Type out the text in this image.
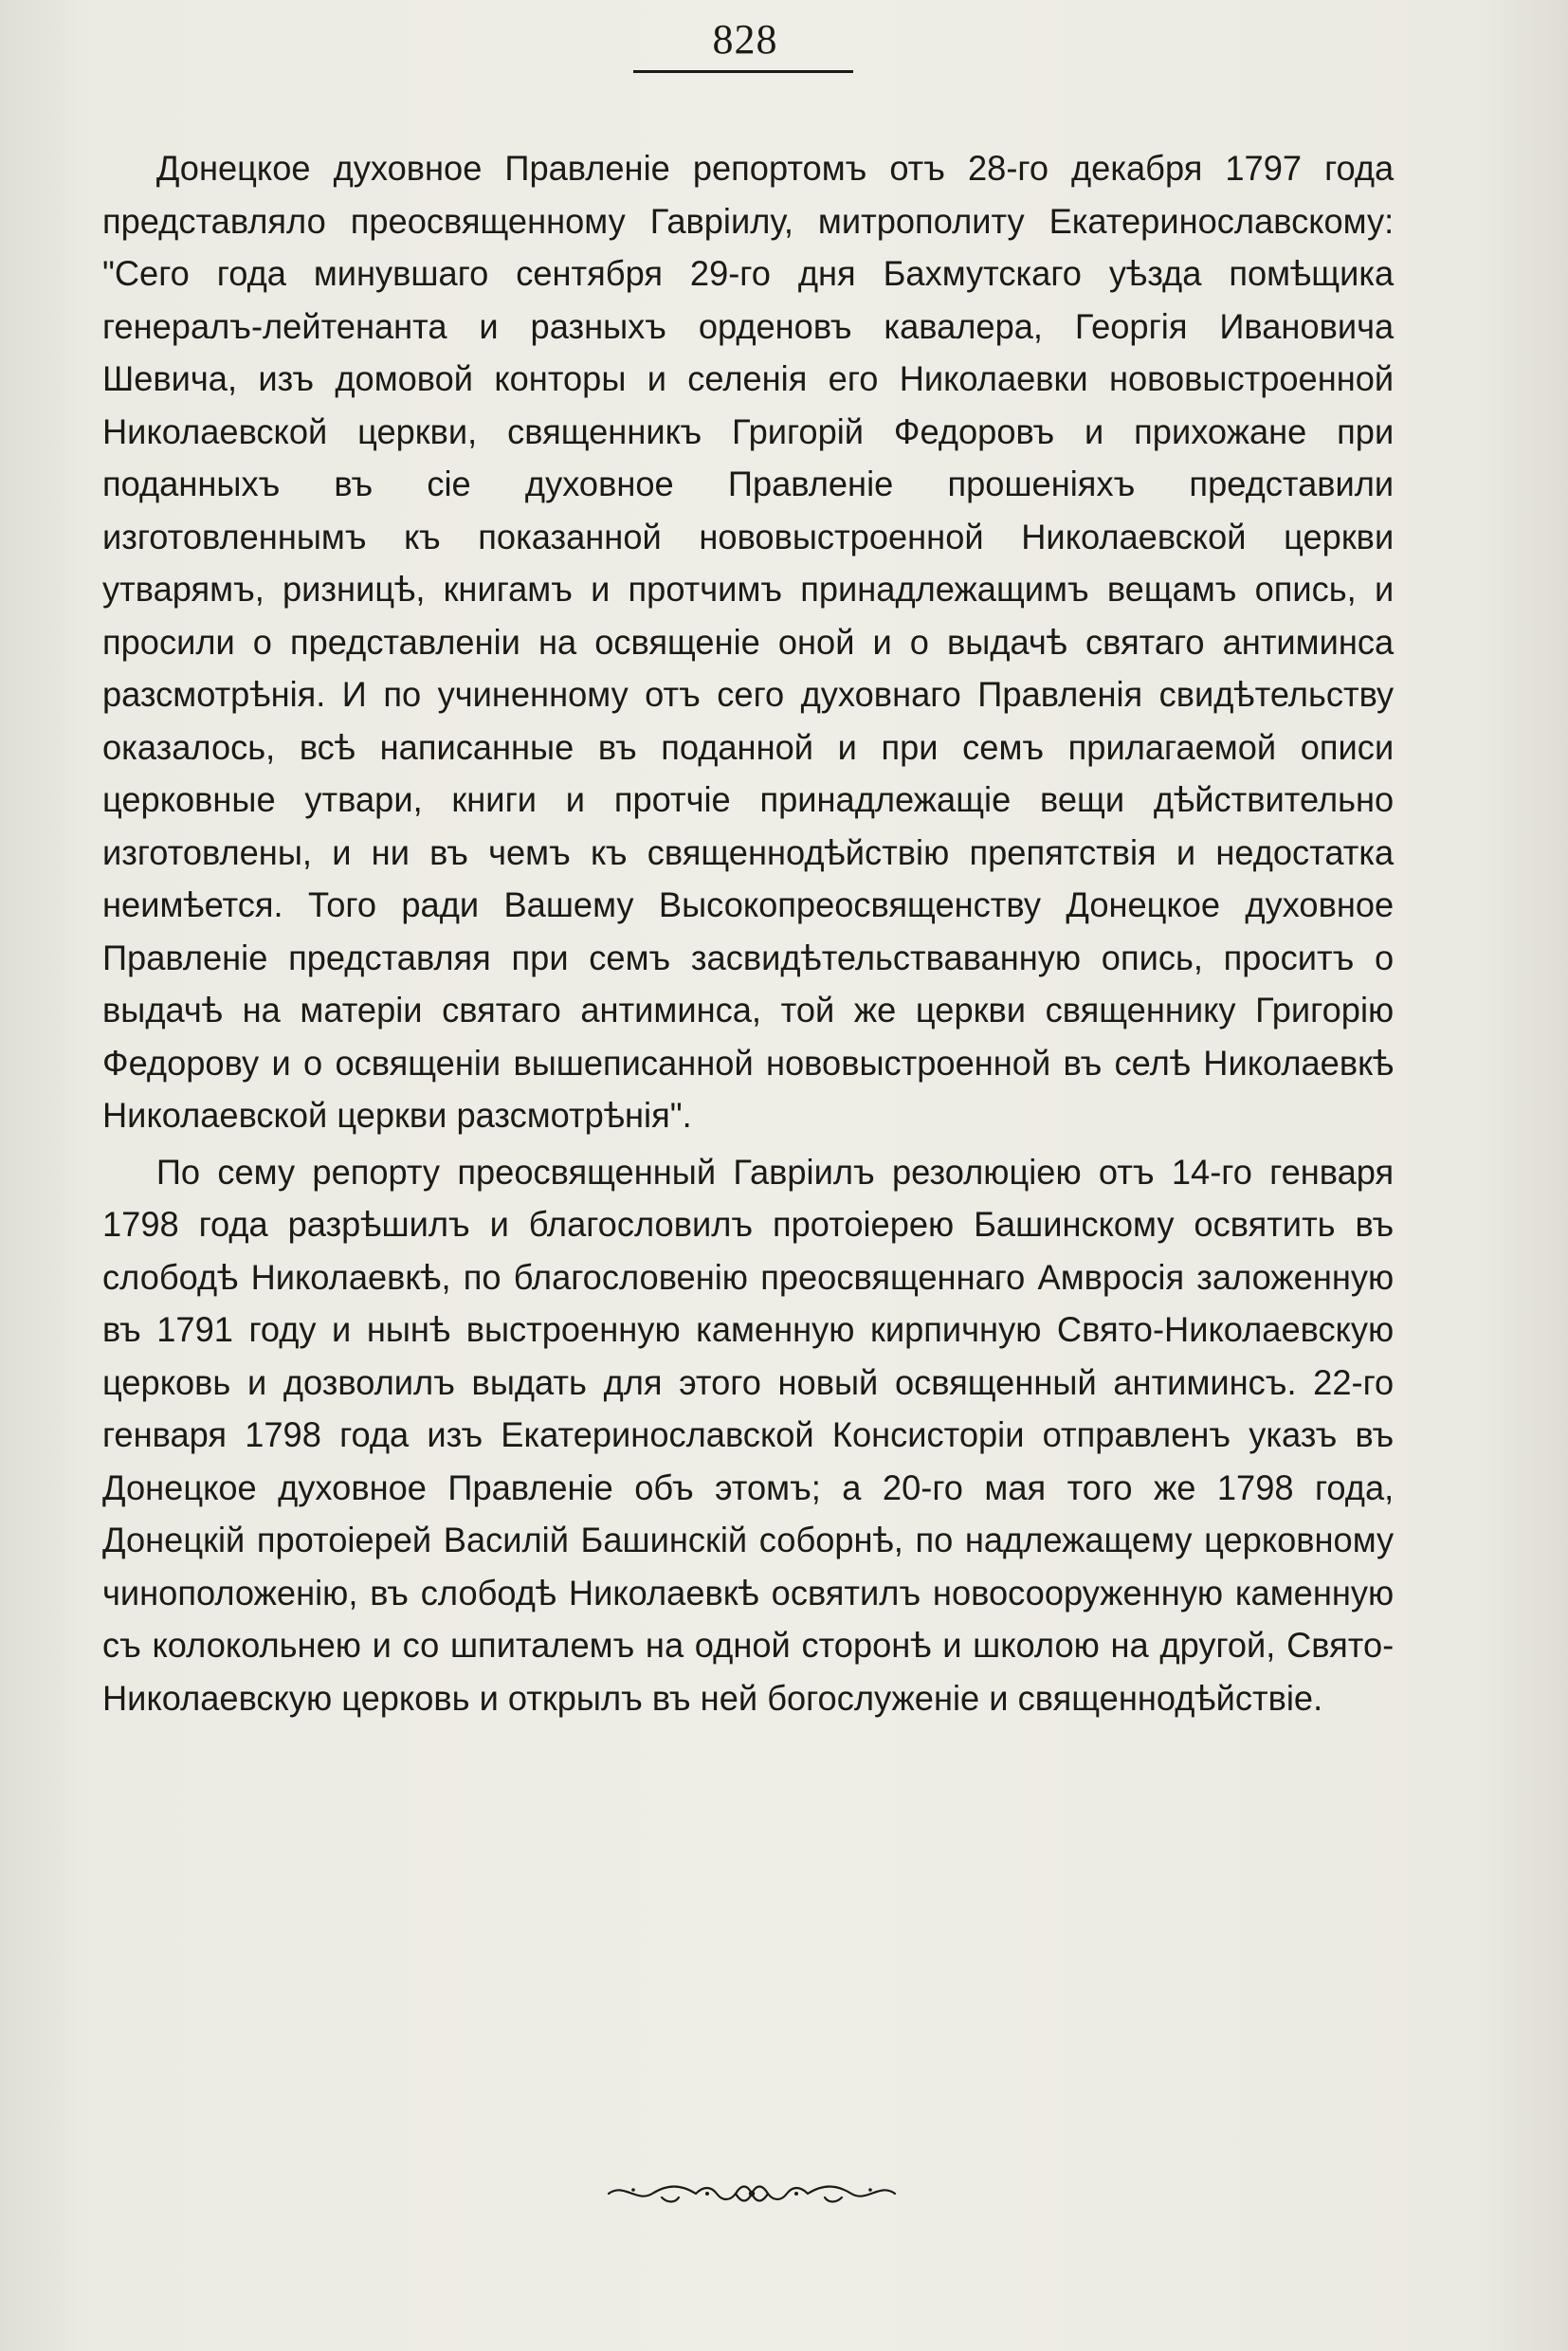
828

Донецкое духовное Правленіе репортомъ отъ 28-го декабря 1797 года представляло преосвященному Гавріилу, митрополиту Екатеринославскому: "Сего года минувшаго сентября 29-го дня Бахмутскаго уѣзда помѣщика генералъ-лейтенанта и разныхъ орденовъ кавалера, Георгія Ивановича Шевича, изъ домовой конторы и селенія его Николаевки нововыстроенной Николаевской церкви, священникъ Григорій Федоровъ и прихожане при поданныхъ въ сіе духовное Правленіе прошеніяхъ представили изготовленнымъ къ показанной нововыстроенной Николаевской церкви утварямъ, ризницѣ, книгамъ и протчимъ принадлежащимъ вещамъ опись, и просили о представленіи на освященіе оной и о выдачѣ святаго антиминса разсмотрѣнія. И по учиненному отъ сего духовнаго Правленія свидѣтельству оказалось, всѣ написанные въ поданной и при семъ прилагаемой описи церковные утвари, книги и протчіе принадлежащіе вещи дѣйствительно изготовлены, и ни въ чемъ къ священнодѣйствію препятствія и недостатка неимѣется. Того ради Вашему Высокопреосвященству Донецкое духовное Правленіе представляя при семъ засвидѣтельстваванную опись, проситъ о выдачѣ на матеріи святаго антиминса, той же церкви священнику Григорію Федорову и о освященіи вышеписанной нововыстроенной въ селѣ Николаевкѣ Николаевской церкви разсмотрѣнія".

По сему репорту преосвященный Гавріилъ резолюціею отъ 14-го генваря 1798 года разрѣшилъ и благословилъ протоіерею Башинскому освятить въ слободѣ Николаевкѣ, по благословенію преосвященнаго Амвросія заложенную въ 1791 году и нынѣ выстроенную каменную кирпичную Свято-Николаевскую церковь и дозволилъ выдать для этого новый освященный антиминсъ. 22-го генваря 1798 года изъ Екатеринославской Консисторіи отправленъ указъ въ Донецкое духовное Правленіе объ этомъ; а 20-го мая того же 1798 года, Донецкій протоіерей Василій Башинскій соборнѣ, по надлежащему церковному чиноположенію, въ слободѣ Николаевкѣ освятилъ новосооруженную каменную съ колокольнею и со шпиталемъ на одной сторонѣ и школою на другой, Свято-Николаевскую церковь и открылъ въ ней богослуженіе и священнодѣйствіе.
